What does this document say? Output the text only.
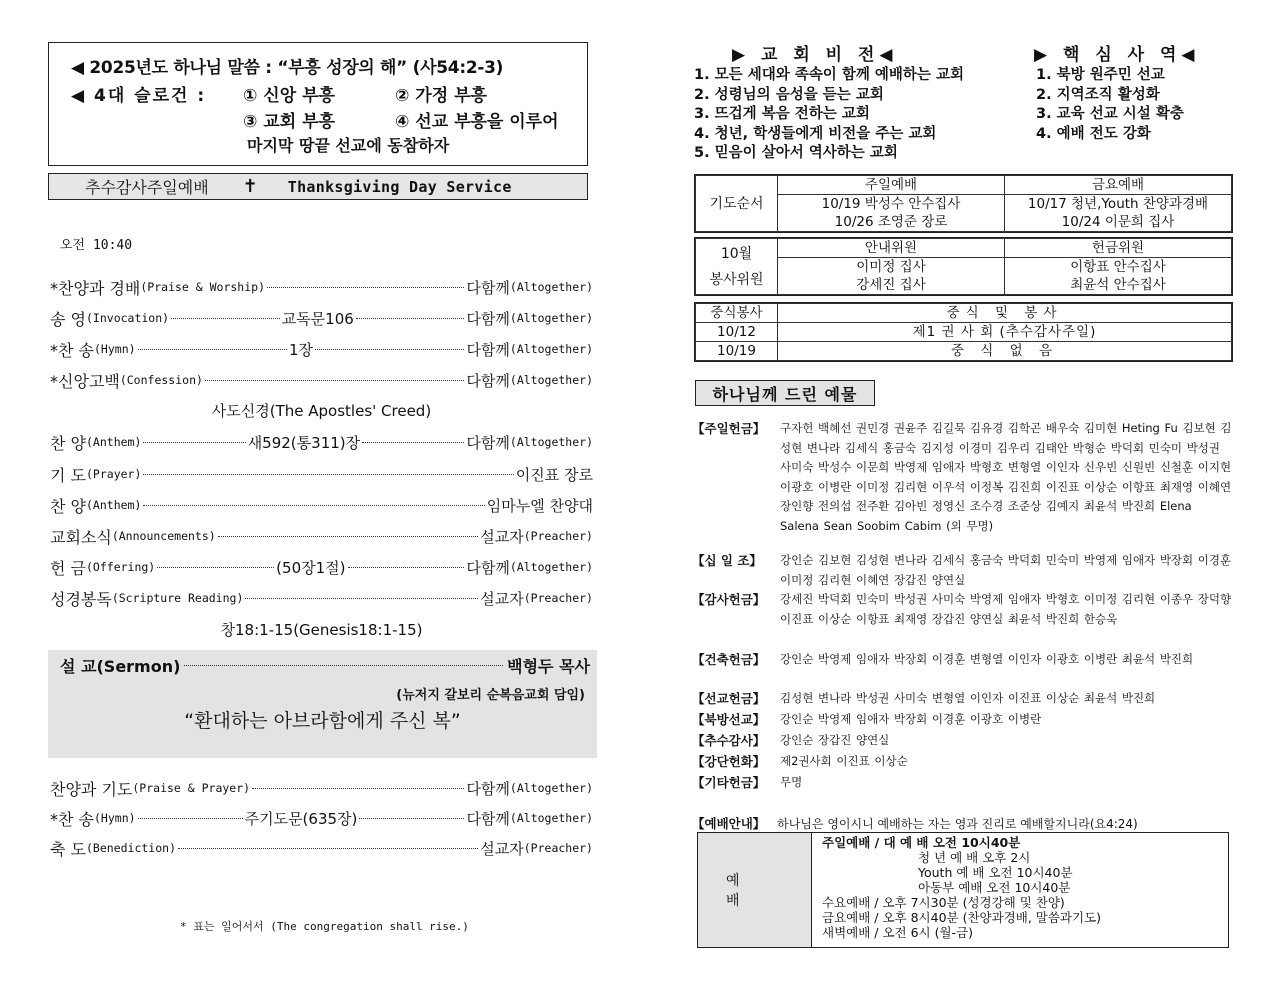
◀ 2025년도 하나님 말씀 : “부흥 성장의 해” (사54:2-3)
◀ 4대 슬로건 :	① 신앙 부흥	② 가정 부흥
③ 교회 부흥	④ 선교 부흥을 이루어
마지막 땅끝 선교에 동참하자
추수감사주일예배 ✝ Thanksgiving Day Service
오전 10:40
*찬양과 경배 (Praise & Worship)	다함께 (Altogether)
송 영 (Invocation)	교독문106	다함께 (Altogether)
*찬 송 (Hymn)	1장	다함께 (Altogether)
*신앙고백 (Confession)	다함께 (Altogether)
사도신경(The Apostles' Creed)
찬 양 (Anthem)	새592(통311)장	다함께 (Altogether)
기 도 (Prayer)	이진표 장로
찬 양 (Anthem)	임마누엘 찬양대
교회소식 (Announcements)	설교자 (Preacher)
헌 금 (Offering)	(50장1절)	다함께 (Altogether)
성경봉독 (Scripture Reading)	설교자 (Preacher)
창18:1-15(Genesis18:1-15)
설 교(Sermon)	백형두 목사
(뉴저지 갈보리 순복음교회 담임)
“환대하는 아브라함에게 주신 복”
찬양과 기도 (Praise & Prayer)	다함께 (Altogether)
*찬 송 (Hymn)	주기도문(635장)	다함께 (Altogether)
축 도 (Benediction)	설교자 (Preacher)
* 표는 일어서서 (The congregation shall rise.)
▶ 교 회 비 전◀	▶ 핵 심 사 역◀
1. 모든 세대와 족속이 함께 예배하는 교회
2. 성령님의 음성을 듣는 교회
3. 뜨겁게 복음 전하는 교회
4. 청년, 학생들에게 비전을 주는 교회
5. 믿음이 살아서 역사하는 교회
1. 북방 원주민 선교
2. 지역조직 활성화
3. 교육 선교 시설 확충
4. 예배 전도 강화
기도순서	주일예배	금요예배
	10/19 박성수 안수집사	10/17 청년,Youth 찬양과경배
	10/26 조영준 장로	10/24 이문희 집사
10월
봉사위원	안내위원	헌금위원
	이미정 집사	이항표 안수집사
	강세진 집사	최윤석 안수집사
중식봉사	중식 및 봉사
10/12	제1 권 사 회 (추수감사주일)
10/19	중 식 없 음
하나님께 드린 예물
【주일헌금】	구자헌 백혜선 권민경 권윤주 김길묵 김유경 김학곤 배우숙 김미현 Heting Fu 김보현 김성현 변나라 김세식 홍금숙 김지성 이경미 김우리 김태안 박형순 박덕회 민숙미 박성권 사미숙 박성수 이문희 박영제 임애자 박형호 변형열 이인자 신우빈 신원빈 신철훈 이지현 이광호 이병란 이미정 김리현 이우석 이정복 김진희 이진표 이상순 이항표 최재영 이혜연 장인향 전의섭 전주환 김아빈 정영신 조수경 조준상 김예지 최윤석 박진희 Elena Salena Sean Soobim Cabim (외 무명)
【십 일 조】	강인순 김보현 김성현 변나라 김세식 홍금숙 박덕회 민숙미 박영제 임애자 박장회 이경훈 이미정 김리현 이혜연 장갑진 양연실
【감사헌금】	강세진 박덕회 민숙미 박성권 사미숙 박영제 임애자 박형호 이미정 김리현 이종우 장덕향 이진표 이상순 이항표 최재영 장갑진 양연실 최윤석 박진희 한승욱
【건축헌금】	강인순 박영제 임애자 박장회 이경훈 변형열 이인자 이광호 이병란 최윤석 박진희
【선교헌금】	김성현 변나라 박성권 사미숙 변형열 이인자 이진표 이상순 최윤석 박진희
【북방선교】	강인순 박영제 임애자 박장회 이경훈 이광호 이병란
【추수감사】	강인순 장갑진 양연실
【강단헌화】	제2권사회 이진표 이상순
【기타헌금】	무명
【예배안내】 하나님은 영이시니 예배하는 자는 영과 진리로 예배할지니라(요4:24)
예 배
주일예배 / 대 예 배 오전 10시40분
청 년 예 배 오후 2시
Youth 예 배 오전 10시40분
아동부 예배 오전 10시40분
수요예배 / 오후 7시30분 (성경강해 및 찬양)
금요예배 / 오후 8시40분 (찬양과경배, 말씀과기도)
새벽예배 / 오전 6시 (월-금)
